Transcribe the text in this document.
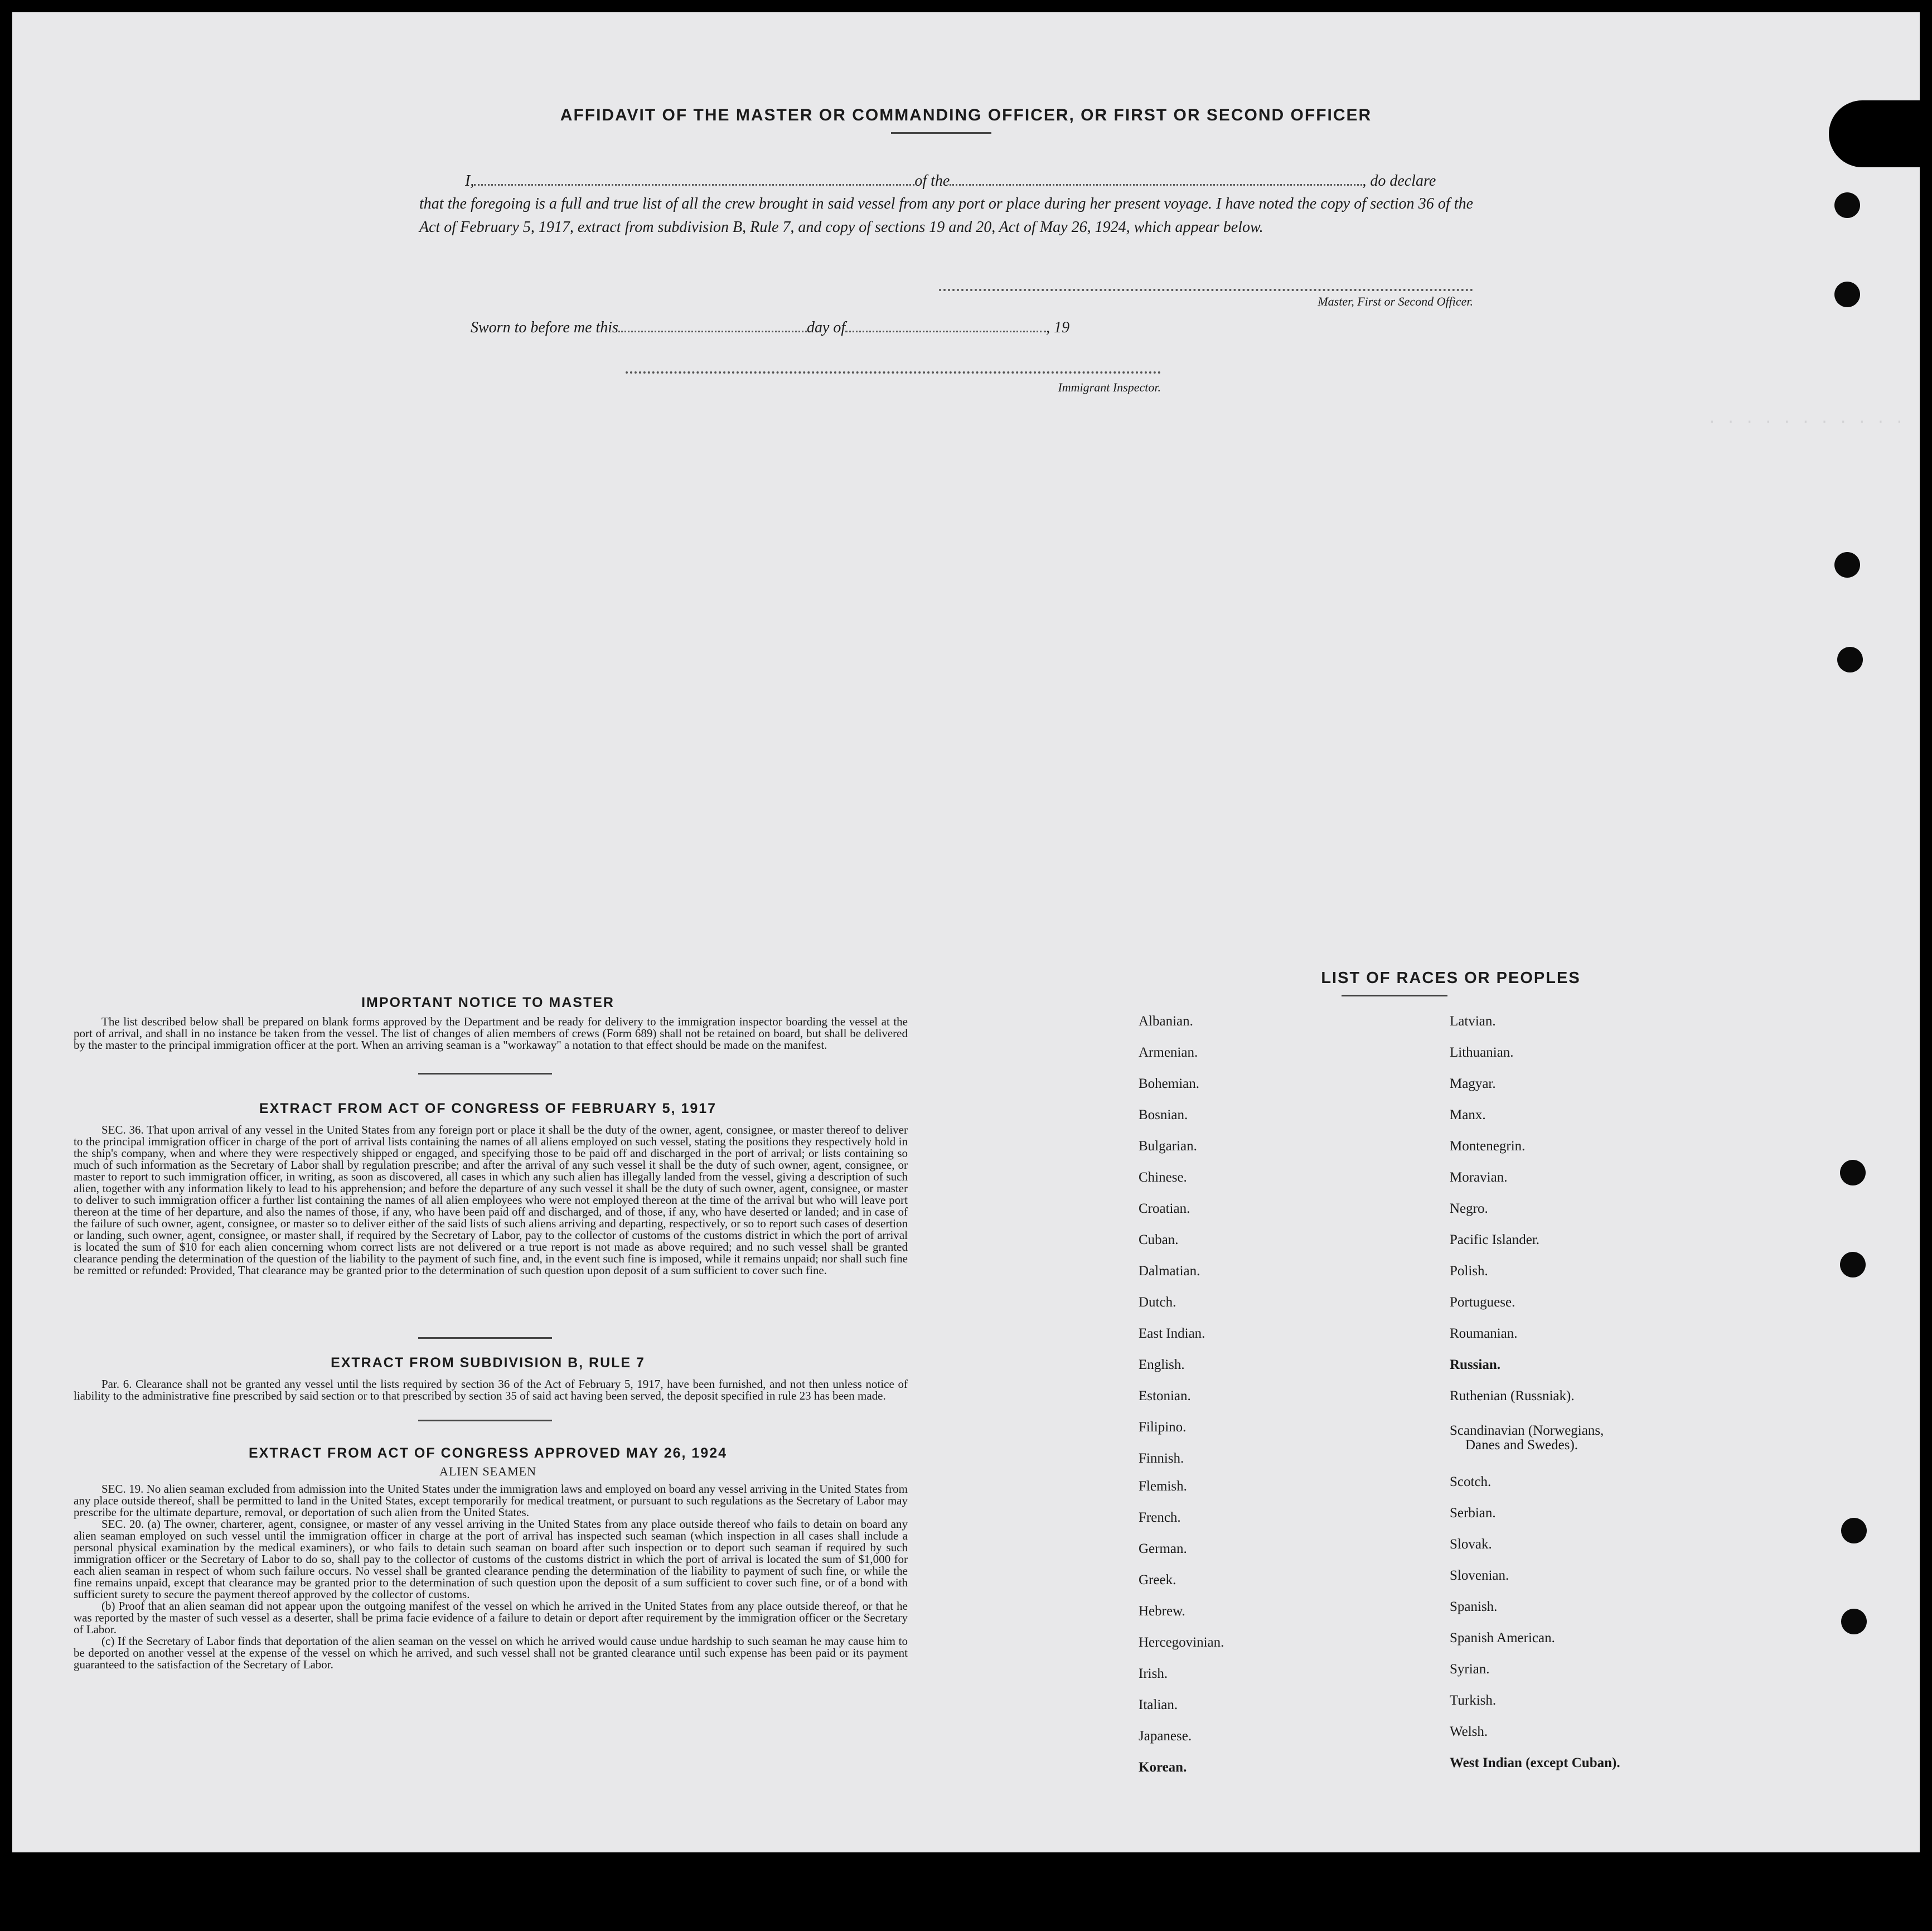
AFFIDAVIT OF THE MASTER OR COMMANDING OFFICER, OR FIRST OR SECOND OFFICER
I,	of the	, do declare
that the foregoing is a full and true list of all the crew brought in said vessel from any port or place during her present voyage. I have noted the copy of section 36 of the Act of February 5, 1917, extract from subdivision B, Rule 7, and copy of sections 19 and 20, Act of May 26, 1924, which appear below.
Master, First or Second Officer.
Sworn to before me this	day of	, 19
Immigrant Inspector.
· · · · · · · · · · ·
IMPORTANT NOTICE TO MASTER

The list described below shall be prepared on blank forms approved by the Department and be ready for delivery to the immigration inspector boarding the vessel at the port of arrival, and shall in no instance be taken from the vessel. The list of changes of alien members of crews (Form 689) shall not be retained on board, but shall be delivered by the master to the principal immigration officer at the port. When an arriving seaman is a "workaway" a notation to that effect should be made on the manifest.

EXTRACT FROM ACT OF CONGRESS OF FEBRUARY 5, 1917

SEC. 36. That upon arrival of any vessel in the United States from any foreign port or place it shall be the duty of the owner, agent, consignee, or master thereof to deliver to the principal immigration officer in charge of the port of arrival lists containing the names of all aliens employed on such vessel, stating the positions they respectively hold in the ship's company, when and where they were respectively shipped or engaged, and specifying those to be paid off and discharged in the port of arrival; or lists containing so much of such information as the Secretary of Labor shall by regulation prescribe; and after the arrival of any such vessel it shall be the duty of such owner, agent, consignee, or master to report to such immigration officer, in writing, as soon as discovered, all cases in which any such alien has illegally landed from the vessel, giving a description of such alien, together with any information likely to lead to his apprehension; and before the departure of any such vessel it shall be the duty of such owner, agent, consignee, or master to deliver to such immigration officer a further list containing the names of all alien employees who were not employed thereon at the time of the arrival but who will leave port thereon at the time of her departure, and also the names of those, if any, who have been paid off and discharged, and of those, if any, who have deserted or landed; and in case of the failure of such owner, agent, consignee, or master so to deliver either of the said lists of such aliens arriving and departing, respectively, or so to report such cases of desertion or landing, such owner, agent, consignee, or master shall, if required by the Secretary of Labor, pay to the collector of customs of the customs district in which the port of arrival is located the sum of $10 for each alien concerning whom correct lists are not delivered or a true report is not made as above required; and no such vessel shall be granted clearance pending the determination of the question of the liability to the payment of such fine, and, in the event such fine is imposed, while it remains unpaid; nor shall such fine be remitted or refunded: Provided, That clearance may be granted prior to the determination of such question upon deposit of a sum sufficient to cover such fine.

EXTRACT FROM SUBDIVISION B, RULE 7

Par. 6. Clearance shall not be granted any vessel until the lists required by section 36 of the Act of February 5, 1917, have been furnished, and not then unless notice of liability to the administrative fine prescribed by said section or to that prescribed by section 35 of said act having been served, the deposit specified in rule 23 has been made.

EXTRACT FROM ACT OF CONGRESS APPROVED MAY 26, 1924
ALIEN SEAMEN

SEC. 19. No alien seaman excluded from admission into the United States under the immigration laws and employed on board any vessel arriving in the United States from any place outside thereof, shall be permitted to land in the United States, except temporarily for medical treatment, or pursuant to such regulations as the Secretary of Labor may prescribe for the ultimate departure, removal, or deportation of such alien from the United States.

SEC. 20. (a) The owner, charterer, agent, consignee, or master of any vessel arriving in the United States from any place outside thereof who fails to detain on board any alien seaman employed on such vessel until the immigration officer in charge at the port of arrival has inspected such seaman (which inspection in all cases shall include a personal physical examination by the medical examiners), or who fails to detain such seaman on board after such inspection or to deport such seaman if required by such immigration officer or the Secretary of Labor to do so, shall pay to the collector of customs of the customs district in which the port of arrival is located the sum of $1,000 for each alien seaman in respect of whom such failure occurs. No vessel shall be granted clearance pending the determination of the liability to payment of such fine, or while the fine remains unpaid, except that clearance may be granted prior to the determination of such question upon the deposit of a sum sufficient to cover such fine, or of a bond with sufficient surety to secure the payment thereof approved by the collector of customs.

(b) Proof that an alien seaman did not appear upon the outgoing manifest of the vessel on which he arrived in the United States from any place outside thereof, or that he was reported by the master of such vessel as a deserter, shall be prima facie evidence of a failure to detain or deport after requirement by the immigration officer or the Secretary of Labor.

(c) If the Secretary of Labor finds that deportation of the alien seaman on the vessel on which he arrived would cause undue hardship to such seaman he may cause him to be deported on another vessel at the expense of the vessel on which he arrived, and such vessel shall not be granted clearance until such expense has been paid or its payment guaranteed to the satisfaction of the Secretary of Labor.

LIST OF RACES OR PEOPLES
Albanian.
Armenian.
Bohemian.
Bosnian.
Bulgarian.
Chinese.
Croatian.
Cuban.
Dalmatian.
Dutch.
East Indian.
English.
Estonian.
Filipino.
Finnish.
Flemish.
French.
German.
Greek.
Hebrew.
Hercegovinian.
Irish.
Italian.
Japanese.
Korean.
Latvian.
Lithuanian.
Magyar.
Manx.
Montenegrin.
Moravian.
Negro.
Pacific Islander.
Polish.
Portuguese.
Roumanian.
Russian.
Ruthenian (Russniak).
Scandinavian (Norwegians,
Danes and Swedes).
Scotch.
Serbian.
Slovak.
Slovenian.
Spanish.
Spanish American.
Syrian.
Turkish.
Welsh.
West Indian (except Cuban).
